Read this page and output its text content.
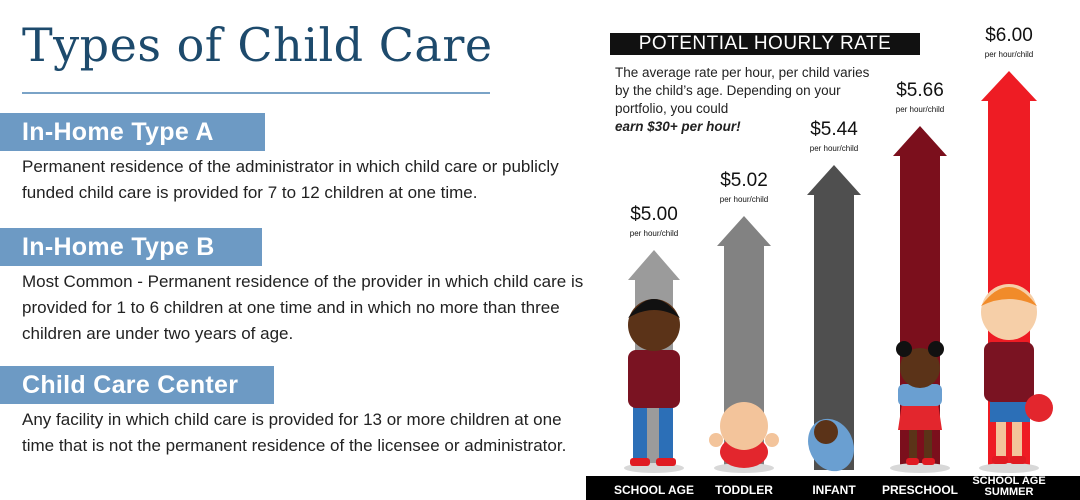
Types of Child Care
In-Home Type A

Permanent residence of the administrator in which child care or publicly funded child care is provided for 7 to 12 children at one time.

In-Home Type B

Most Common - Permanent residence of the provider in which child care is provided for 1 to 6 children at one time and in which no more than three children are under two years of age.

Child Care Center

Any facility in which child care is provided for 13 or more children at one time that is not the permanent residence of the licensee or administrator.

POTENTIAL HOURLY RATE
The average rate per hour, per child varies by the child’s age. Depending on your portfolio, you could
earn $30+ per hour!
$5.00
per hour/child
$5.02
per hour/child
$5.44
per hour/child
$5.66
per hour/child
$6.00
per hour/child
SCHOOL AGE	TODDLER	INFANT	PRESCHOOL
SCHOOL AGE SUMMER
